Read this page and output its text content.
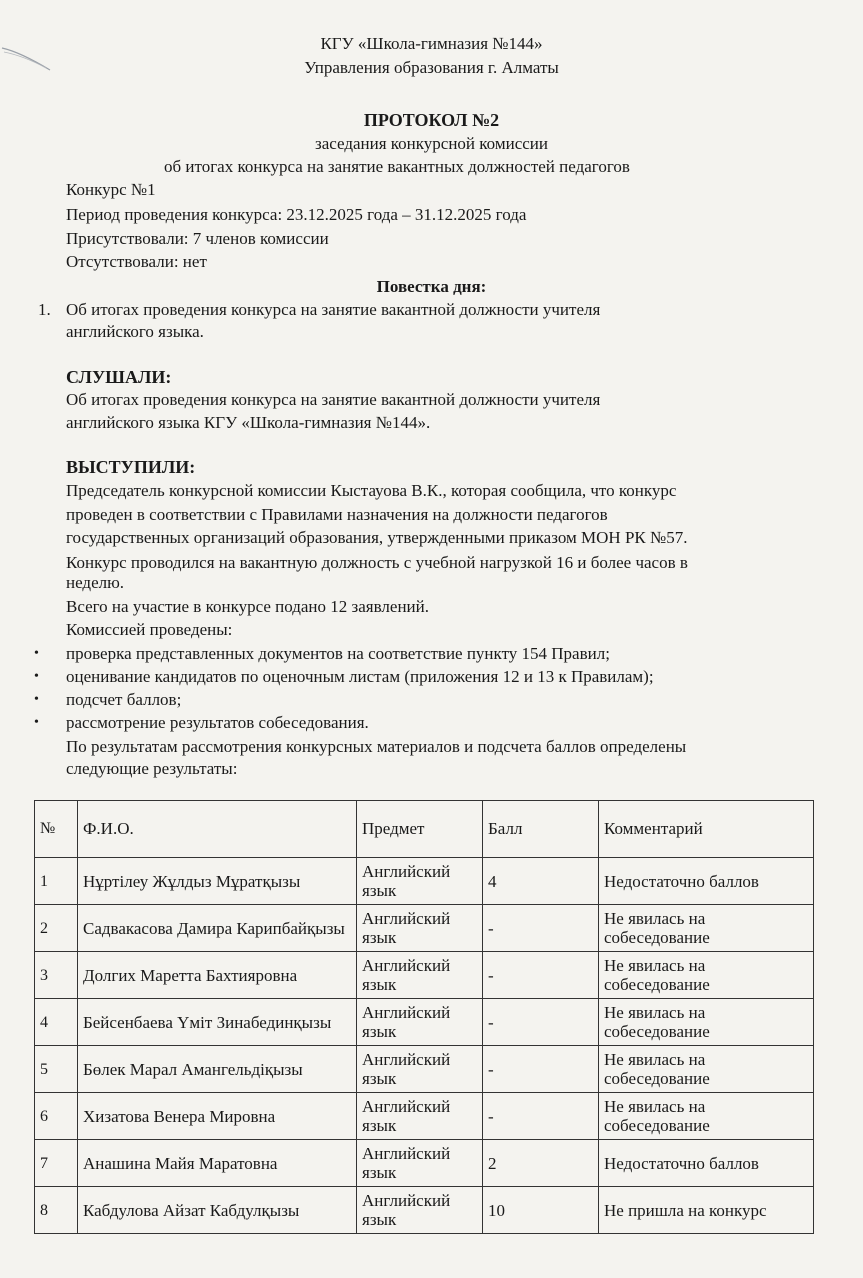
КГУ «Школа-гимназия №144»
Управления образования г. Алматы
ПРОТОКОЛ №2
заседания конкурсной комиссии
об итогах конкурса на занятие вакантных должностей педагогов
Конкурс №1
Период проведения конкурса: 23.12.2025 года – 31.12.2025 года
Присутствовали: 7 членов комиссии
Отсутствовали: нет
Повестка дня:
1. Об итогах проведения конкурса на занятие вакантной должности учителя
английского языка.
СЛУШАЛИ:
Об итогах проведения конкурса на занятие вакантной должности учителя
английского языка КГУ «Школа-гимназия №144».
ВЫСТУПИЛИ:
Председатель конкурсной комиссии Кыстауова В.К., которая сообщила, что конкурс
проведен в соответствии с Правилами назначения на должности педагогов
государственных организаций образования, утвержденными приказом МОН РК №57.
Конкурс проводился на вакантную должность с учебной нагрузкой 16 и более часов в
неделю.
Всего на участие в конкурсе подано 12 заявлений.
Комиссией проведены:
• проверка представленных документов на соответствие пункту 154 Правил;
• оценивание кандидатов по оценочным листам (приложения 12 и 13 к Правилам);
• подсчет баллов;
• рассмотрение результатов собеседования.
По результатам рассмотрения конкурсных материалов и подсчета баллов определены
следующие результаты:
№	Ф.И.О.	Предмет	Балл	Комментарий
1	Нұртілеу Жұлдыз Мұратқызы	Английский язык	4	Недостаточно баллов
2	Садвакасова Дамира Карипбайқызы	Английский язык	-	Не явилась на собеседование
3	Долгих Маретта Бахтияровна	Английский язык	-	Не явилась на собеседование
4	Бейсенбаева Үміт Зинабединқызы	Английский язык	-	Не явилась на собеседование
5	Бөлек Марал Амангельдіқызы	Английский язык	-	Не явилась на собеседование
6	Хизатова Венера Мировна	Английский язык	-	Не явилась на собеседование
7	Анашина Майя Маратовна	Английский язык	2	Недостаточно баллов
8	Кабдулова Айзат Кабдулқызы	Английский язык	10	Не пришла на конкурс
